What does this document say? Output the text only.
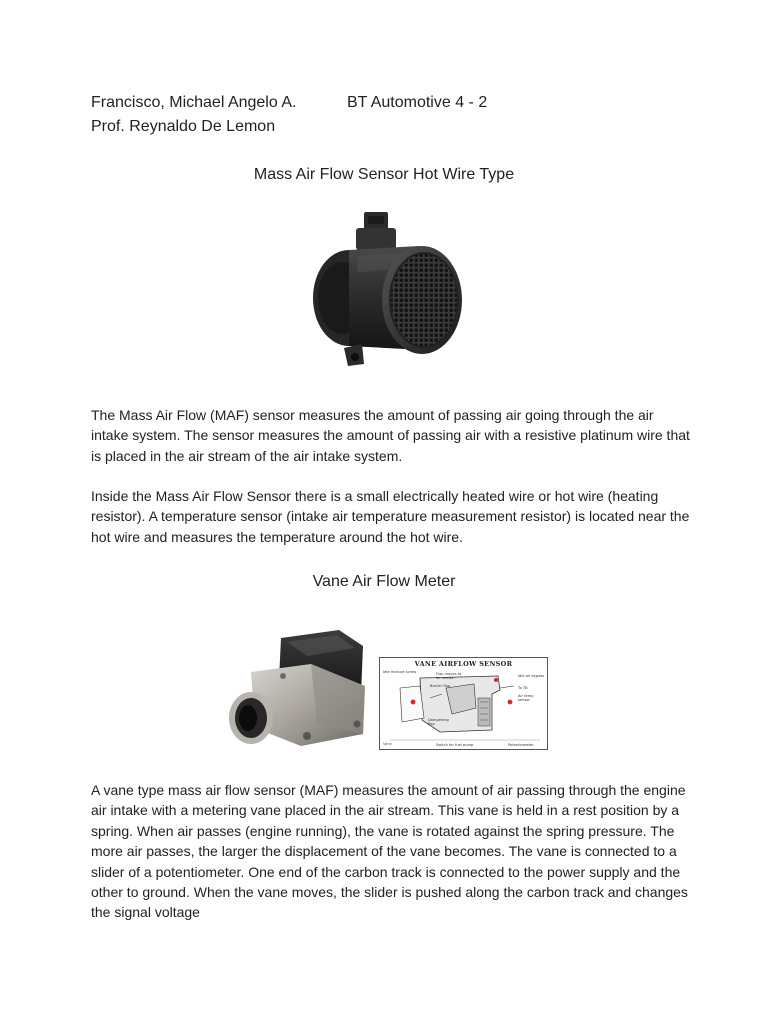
Francisco, Michael Angelo A.	BT Automotive 4 - 2
Prof. Reynaldo De Lemon
Mass Air Flow Sensor Hot Wire Type

The Mass Air Flow (MAF) sensor measures the amount of passing air going through the air intake system. The sensor measures the amount of passing air with a resistive platinum wire that is placed in the air stream of the air intake system.

Inside the Mass Air Flow Sensor there is a small electrically heated wire or hot wire (heating resistor). A temperature sensor (intake air temperature measurement resistor) is located near the hot wire and measures the temperature around the hot wire.

Vane Air Flow Meter
VANE AIRFLOW SENSOR
Idle mixture screw
Idle air bypass
To TB
Air temp sensor
Flap moves to air stream
Barrier flap
Dampening flap
Vane	Switch for fuel pump	Potentiometer

A vane type mass air flow sensor (MAF) measures the amount of air passing through the engine air intake with a metering vane placed in the air stream. This vane is held in a rest position by a spring. When air passes (engine running), the vane is rotated against the spring pressure. The more air passes, the larger the displacement of the vane becomes. The vane is connected to a slider of a potentiometer. One end of the carbon track is connected to the power supply and the other to ground. When the vane moves, the slider is pushed along the carbon track and changes the signal voltage
